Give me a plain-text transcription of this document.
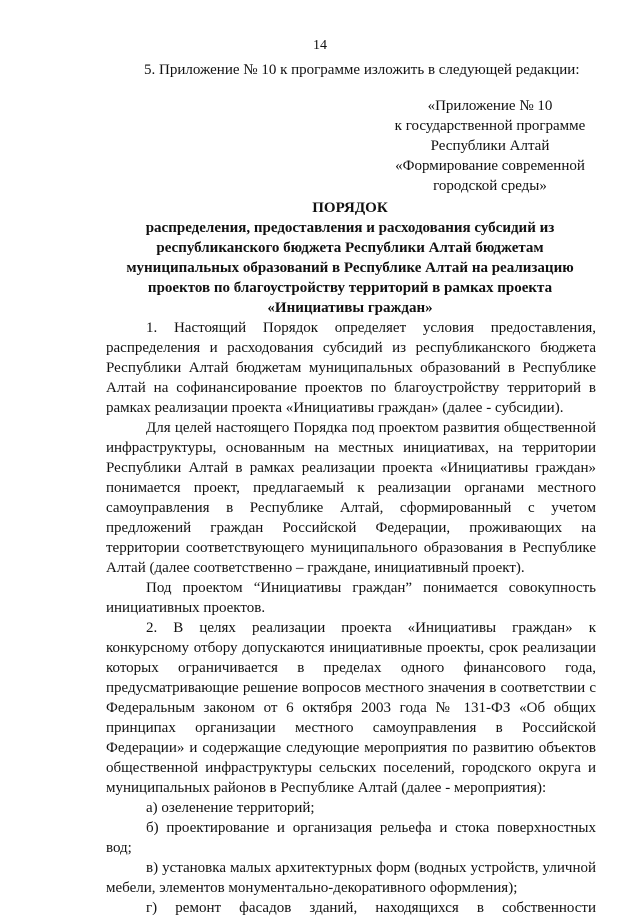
14
5. Приложение № 10 к программе изложить в следующей редакции:
«Приложение № 10
к государственной программе
Республики Алтай
«Формирование современной
городской среды»
ПОРЯДОК
распределения, предоставления и расходования субсидий из
республиканского бюджета Республики Алтай бюджетам
муниципальных образований в Республике Алтай на реализацию
проектов по благоустройству территорий в рамках проекта
«Инициативы граждан»

1. Настоящий Порядок определяет условия предоставления, распределения и расходования субсидий из республиканского бюджета Республики Алтай бюджетам муниципальных образований в Республике Алтай на софинансирование проектов по благоустройству территорий в рамках реализации проекта «Инициативы граждан» (далее - субсидии).

Для целей настоящего Порядка под проектом развития общественной инфраструктуры, основанным на местных инициативах, на территории Республики Алтай в рамках реализации проекта «Инициативы граждан» понимается проект, предлагаемый к реализации органами местного самоуправления в Республике Алтай, сформированный с учетом предложений граждан Российской Федерации, проживающих на территории соответствующего муниципального образования в Республике Алтай (далее соответственно – граждане, инициативный проект).

Под проектом “Инициативы граждан” понимается совокупность инициативных проектов.

2. В целях реализации проекта «Инициативы граждан» к конкурсному отбору допускаются инициативные проекты, срок реализации которых ограничивается в пределах одного финансового года, предусматривающие решение вопросов местного значения в соответствии с Федеральным законом от 6 октября 2003 года № 131-ФЗ «Об общих принципах организации местного самоуправления в Российской Федерации» и содержащие следующие мероприятия по развитию объектов общественной инфраструктуры сельских поселений, городского округа и муниципальных районов в Республике Алтай (далее - мероприятия):

а) озеленение территорий;

б) проектирование и организация рельефа и стока поверхностных вод;

в) установка малых архитектурных форм (водных устройств, уличной мебели, элементов монументально-декоративного оформления);

г) ремонт фасадов зданий, находящихся в собственности
